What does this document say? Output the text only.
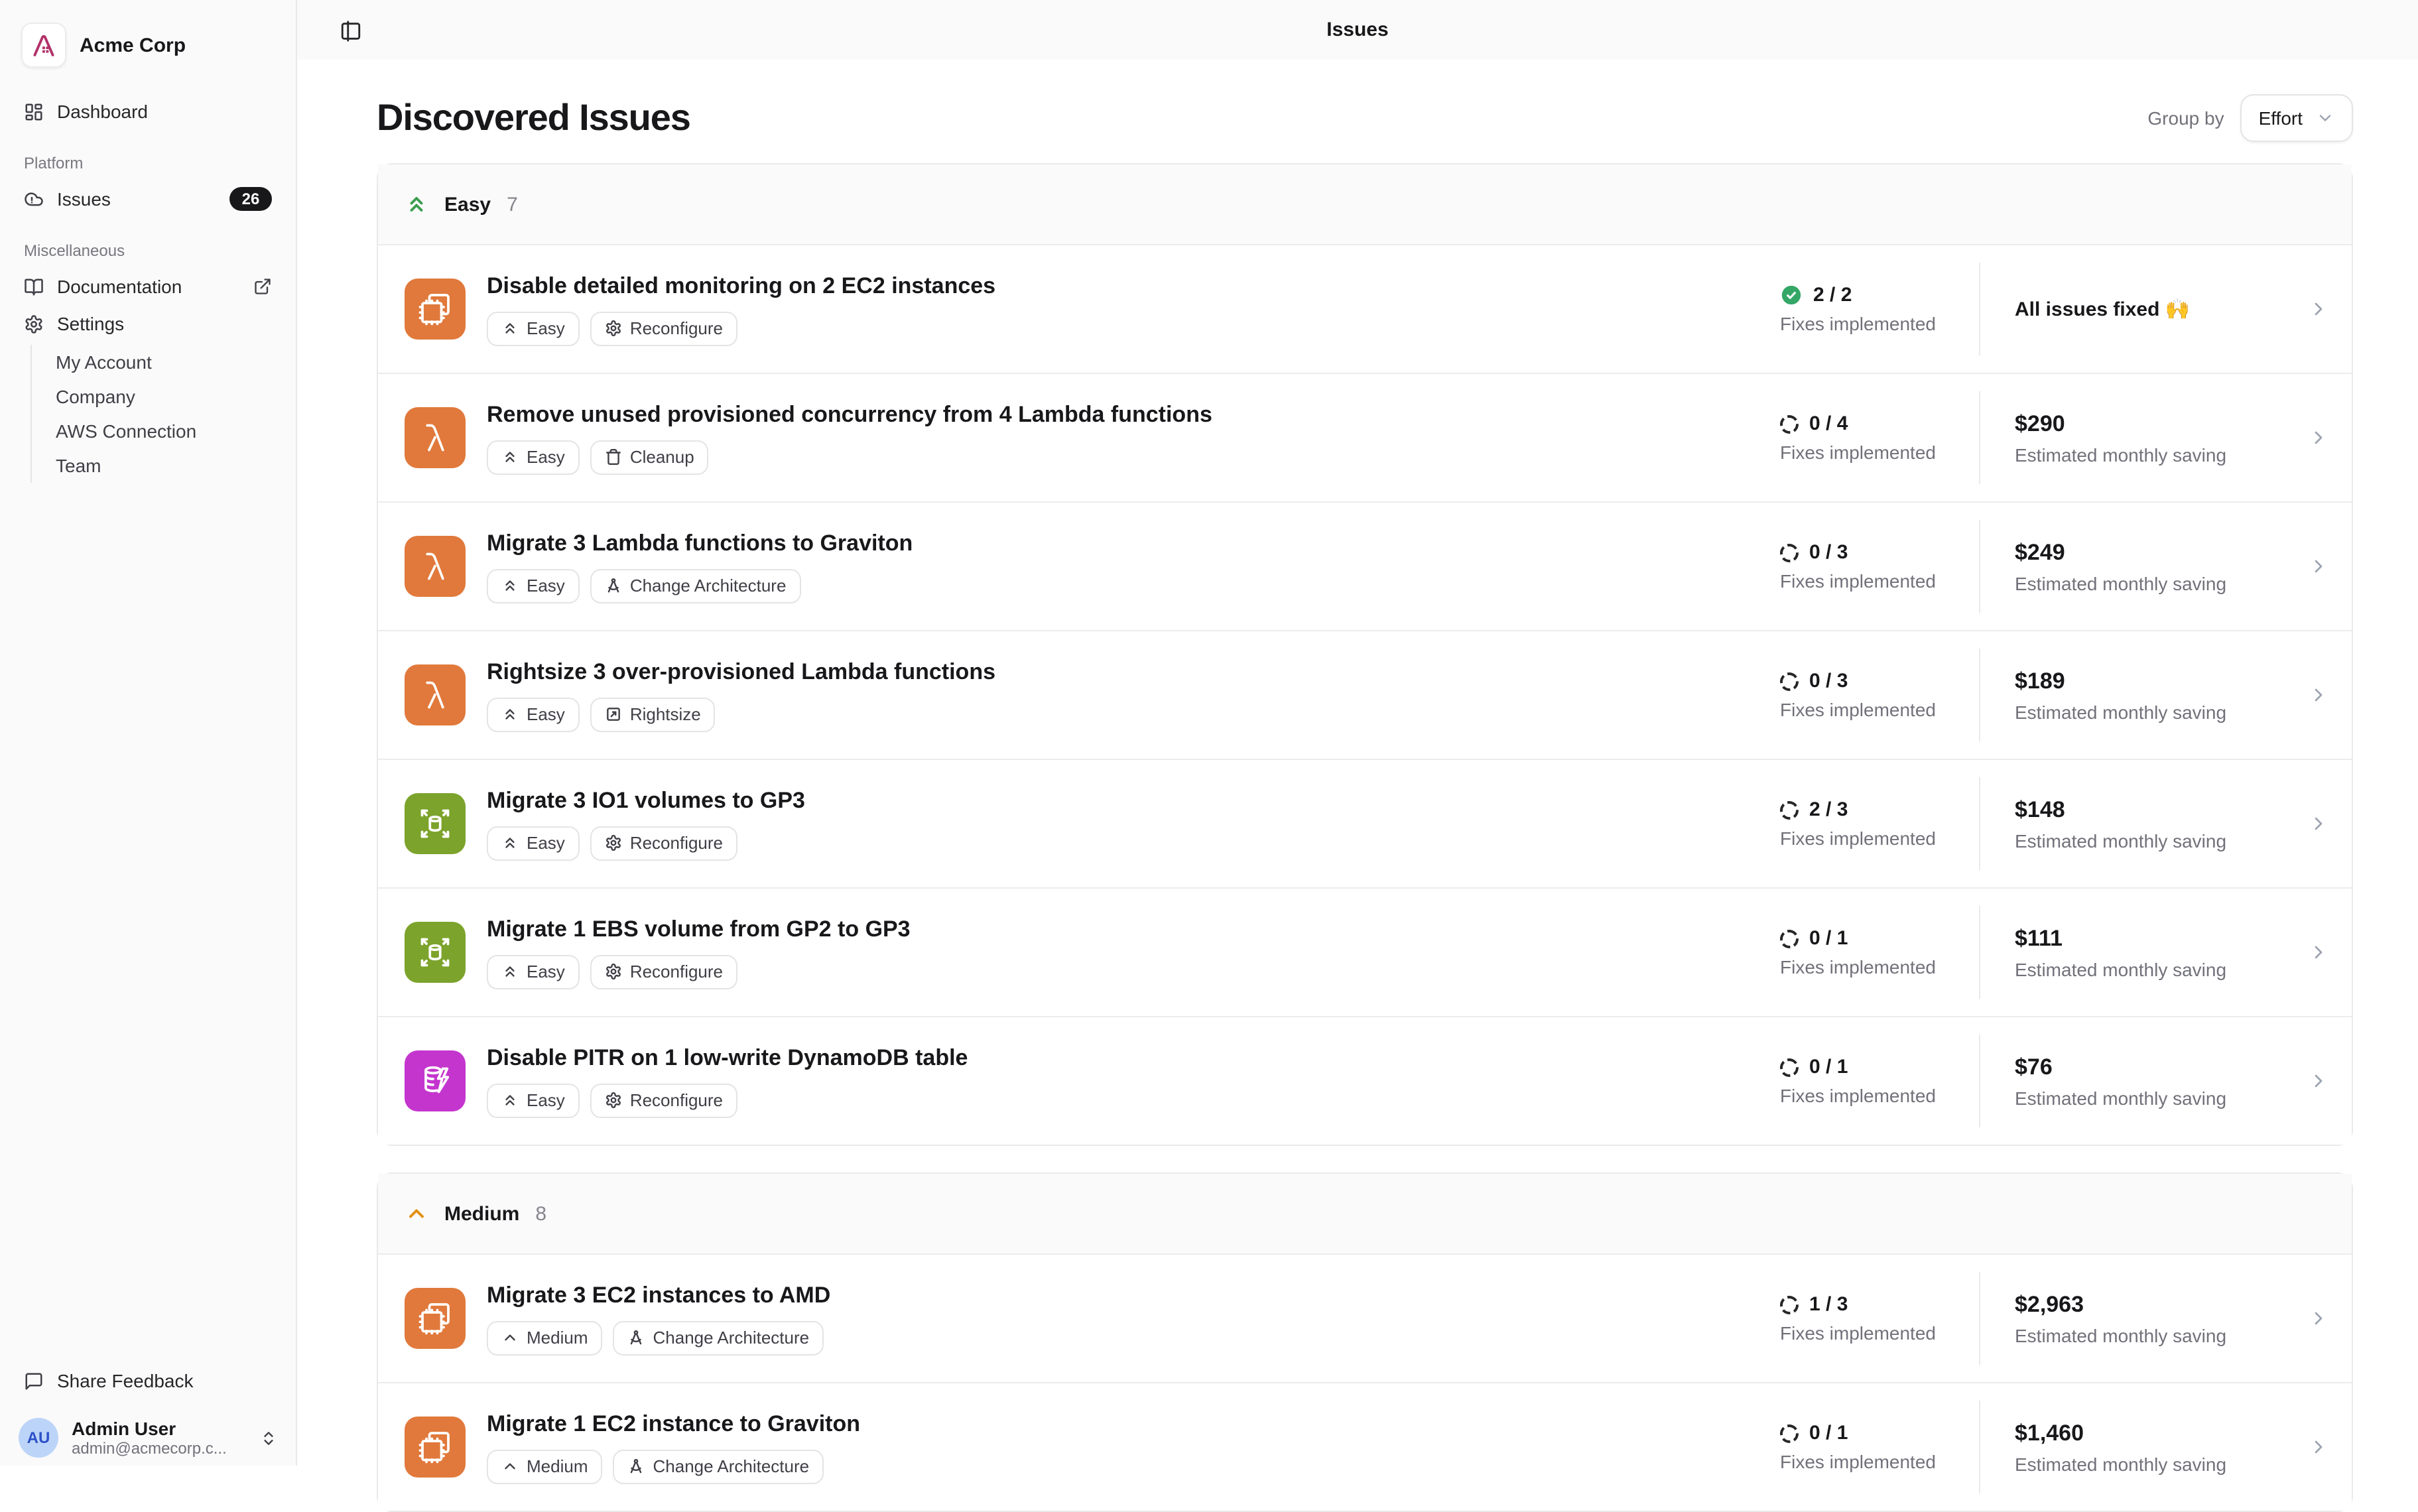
Acme Corp
Dashboard
Platform
Issues	26
Miscellaneous
Documentation
Settings
My Account
Company
AWS Connection
Team
Share Feedback
AU	Admin User
admin@acmecorp.c...
Issues
Discovered Issues	Group by	Effort
Easy 7
Disable detailed monitoring on 2 EC2 instances
Easy	Reconfigure
2 / 2
Fixes implemented
All issues fixed 🙌
Remove unused provisioned concurrency from 4 Lambda functions
Easy	Cleanup
0 / 4
Fixes implemented
$290
Estimated monthly saving
Migrate 3 Lambda functions to Graviton
Easy	Change Architecture
0 / 3
Fixes implemented
$249
Estimated monthly saving
Rightsize 3 over-provisioned Lambda functions
Easy	Rightsize
0 / 3
Fixes implemented
$189
Estimated monthly saving
Migrate 3 IO1 volumes to GP3
Easy	Reconfigure
2 / 3
Fixes implemented
$148
Estimated monthly saving
Migrate 1 EBS volume from GP2 to GP3
Easy	Reconfigure
0 / 1
Fixes implemented
$111
Estimated monthly saving
Disable PITR on 1 low-write DynamoDB table
Easy	Reconfigure
0 / 1
Fixes implemented
$76
Estimated monthly saving
Medium 8
Migrate 3 EC2 instances to AMD
Medium	Change Architecture
1 / 3
Fixes implemented
$2,963
Estimated monthly saving
Migrate 1 EC2 instance to Graviton
Medium	Change Architecture
0 / 1
Fixes implemented
$1,460
Estimated monthly saving
